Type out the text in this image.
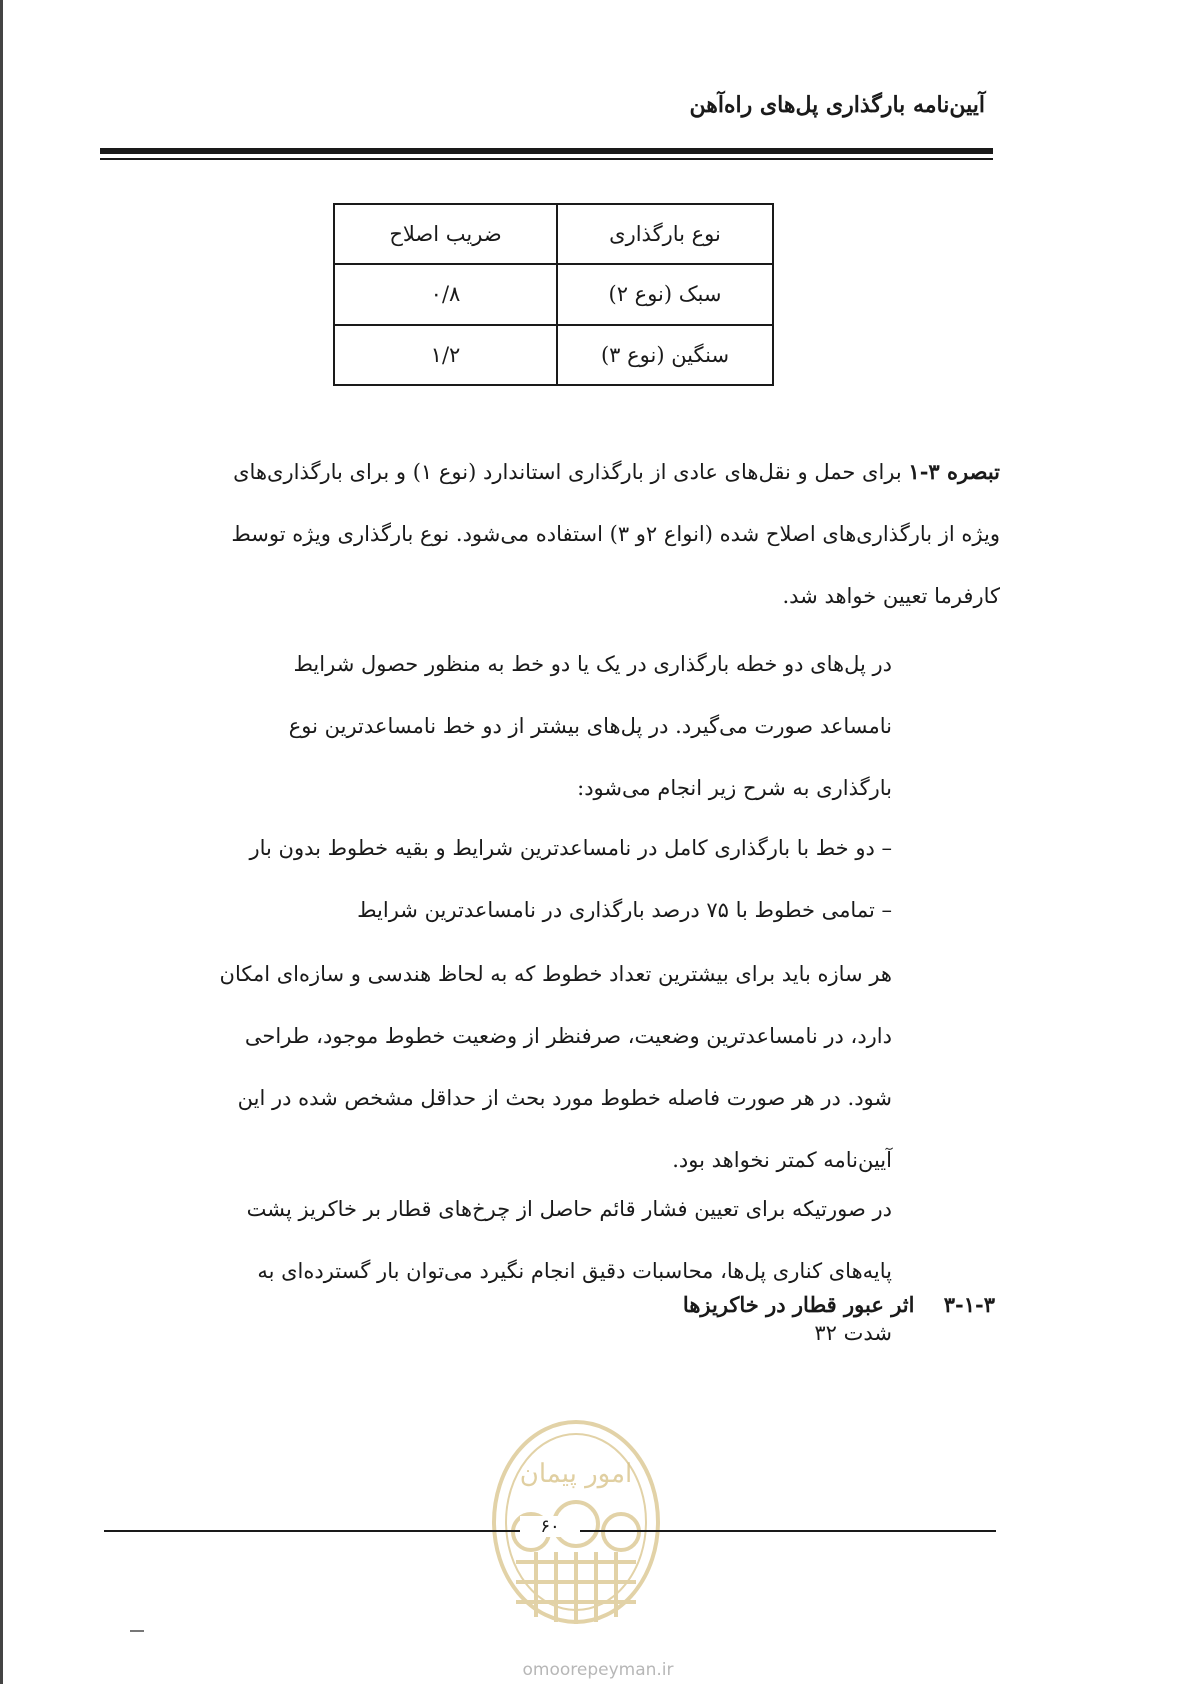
آیین‌نامه بارگذاری پل‌های راه‌آهن
نوع بارگذاری	ضریب اصلاح
سبک (نوع ۲)	۰/۸
سنگین (نوع ۳)	۱/۲

تبصره ۳-۱ برای حمل و نقل‌های عادی از بارگذاری استاندارد (نوع ۱) و برای بارگذاری‌های ویژه از بارگذاری‌های اصلاح شده (انواع ۲و ۳) استفاده می‌شود. نوع بارگذاری ویژه توسط کارفرما تعیین خواهد شد.

در پل‌های دو خطه بارگذاری در یک یا دو خط به منظور حصول شرایط نامساعد صورت می‌گیرد. در پل‌های بیشتر از دو خط نامساعدترین نوع بارگذاری به شرح زیر انجام می‌شود:

– دو خط با بارگذاری کامل در نامساعدترین شرایط و بقیه خطوط بدون بار
– تمامی خطوط با ۷۵ درصد بارگذاری در نامساعدترین شرایط

هر سازه باید برای بیشترین تعداد خطوط که به لحاظ هندسی و سازه‌ای امکان دارد، در نامساعدترین وضعیت، صرفنظر از وضعیت خطوط موجود، طراحی شود. در هر صورت فاصله خطوط مورد بحث از حداقل مشخص شده در این آیین‌نامه کمتر نخواهد بود.

۳-۱-۳    اثر عبور قطار در خاکریزها

در صورتیکه برای تعیین فشار قائم حاصل از چرخ‌های قطار بر خاکریز پشت پایه‌های کناری پل‌ها، محاسبات دقیق انجام نگیرد می‌توان بار گسترده‌ای به شدت ۳۲

امور پیمان
۶۰
omoorepeyman.ir
